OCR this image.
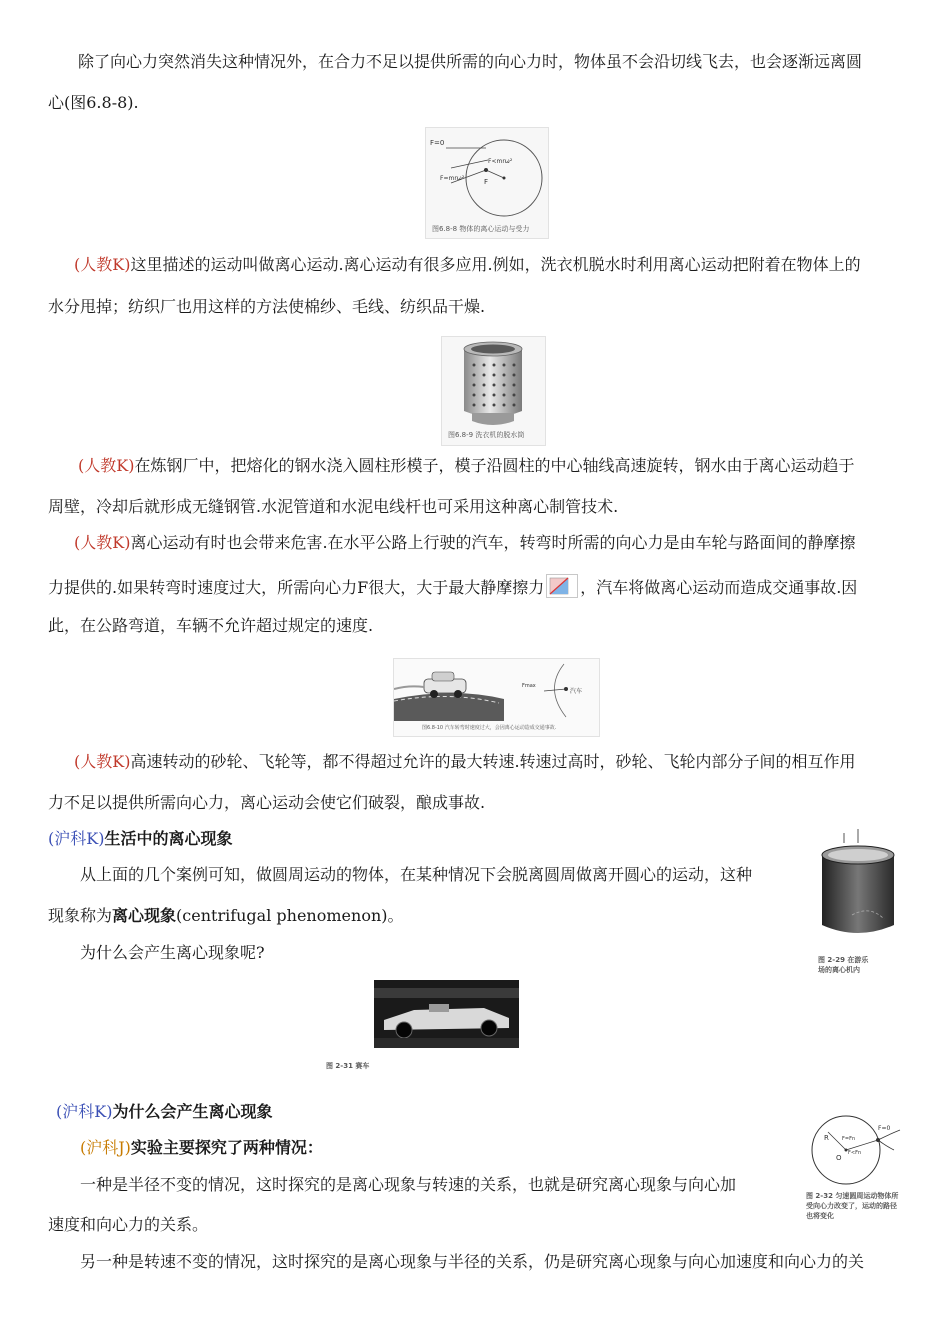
除了向心力突然消失这种情况外，在合力不足以提供所需的向心力时，物体虽不会沿切线飞去，也会逐渐远离圆
心(图6.8-8).
F=0
F<mrω²
F=mrω²	F
图6.8-8 物体的离心运动与受力
(人教K)这里描述的运动叫做离心运动.离心运动有很多应用.例如，洗衣机脱水时利用离心运动把附着在物体上的
水分甩掉；纺织厂也用这样的方法使棉纱、毛线、纺织品干燥.
图6.8-9 洗衣机的脱水筒
(人教K)在炼钢厂中，把熔化的钢水浇入圆柱形模子，模子沿圆柱的中心轴线高速旋转，钢水由于离心运动趋于
周壁，冷却后就形成无缝钢管.水泥管道和水泥电线杆也可采用这种离心制管技术.
(人教K)离心运动有时也会带来危害.在水平公路上行驶的汽车，转弯时所需的向心力是由车轮与路面间的静摩擦
力提供的.如果转弯时速度过大，所需向心力F很大，大于最大静摩擦力 ，汽车将做离心运动而造成交通事故.因
此，在公路弯道，车辆不允许超过规定的速度.
Fmax
汽车
图6.8-10 汽车转弯时速度过大，会因离心运动造成交通事故.
(人教K)高速转动的砂轮、飞轮等，都不得超过允许的最大转速.转速过高时，砂轮、飞轮内部分子间的相互作用
力不足以提供所需向心力，离心运动会使它们破裂，酿成事故.
(沪科K)生活中的离心现象
从上面的几个案例可知，做圆周运动的物体，在某种情况下会脱离圆周做离开圆心的运动，这种
现象称为离心现象(centrifugal phenomenon)。
为什么会产生离心现象呢?	图 2-29 在游乐
场的离心机内
图 2-31 赛车
(沪科K)为什么会产生离心现象
(沪科J)实验主要探究了两种情况：
一种是半径不变的情况，这时探究的是离心现象与转速的关系，也就是研究离心现象与向心加
速度和向心力的关系。
另一种是转速不变的情况，这时探究的是离心现象与半径的关系，仍是研究离心现象与向心加速度和向心力的关
R
O
F=0
F=Fn
F<Fn
图 2-32 匀速圆周运动物体所
受向心力改变了，运动的路径
也将变化
